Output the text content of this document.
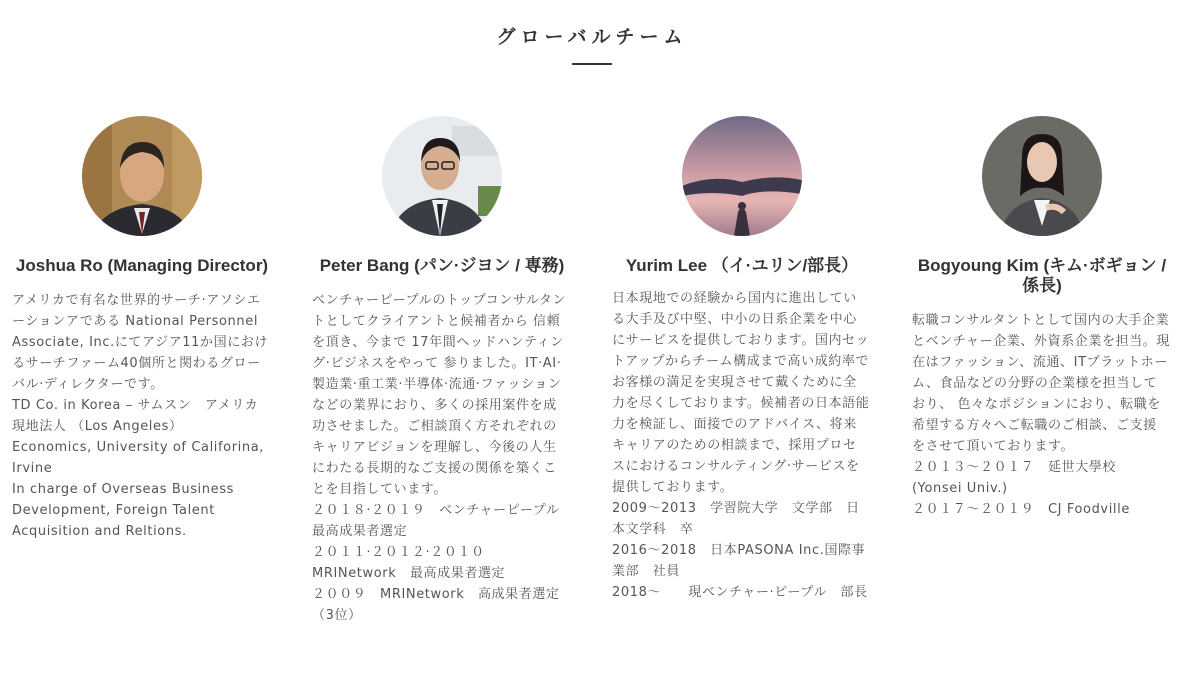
グローバルチーム
Joshua Ro (Managing Director)
アメリカで有名な世界的サーチ·アソシエーションアである National Personnel Associate, Inc.にてアジア11か国におけるサーチファーム40個所と関わるグローバル·ディレクターです。
TD Co. in Korea – サムスン　アメリカ現地法人 （Los Angeles）
Economics, University of Califorina, Irvine
In charge of Overseas Business Development, Foreign Talent Acquisition and Reltions.
Peter Bang (パン·ジヨン / 専務)
ベンチャーピープルのトップコンサルタントとしてクライアントと候補者から 信頼を頂き、今まで 17年間ヘッドハンティング·ビジネスをやって 参りました。IT·AI·製造業·重工業·半導体·流通·ファッションなどの業界におり、多くの採用案件を成功させました。ご相談頂く方それぞれのキャリアビジョンを理解し、今後の人生にわたる長期的なご支援の関係を築くことを目指しています。
２０１８·２０１９　ベンチャーピープル　最高成果者選定
２０１１·２０１２·２０１０ MRINetwork　最高成果者選定
２００９　MRINetwork　高成果者選定（3位）
Yurim Lee （イ·ユリン/部長）
日本現地での経験から国内に進出している大手及び中堅、中小の日系企業を中心にサービスを提供しております。国内セットアップからチーム構成まで高い成約率でお客様の満足を実現させて戴くために全力を尽くしております。候補者の日本語能力を検証し、面接でのアドバイス、将来キャリアのための相談まで、採用プロセスにおけるコンサルティング·サービスを提供しております。
2009～2013　学習院大学　文学部　日本文学科　卒
2016～2018　日本PASONA Inc.国際事業部　社員
2018～　　現ベンチャー·ピープル　部長
Bogyoung Kim (キム·ボギョン / 係長)
転職コンサルタントとして国内の大手企業とベンチャー企業、外資系企業を担当。現在はファッション、流通、ITプラットホーム、食品などの分野の企業様を担当しており、 色々なポジションにおり、転職を希望する方々へご転職のご相談、ご支援をさせて頂いております。
２０１３～２０１７　延世大學校 (Yonsei Univ.)
２０１７～２０１９　CJ Foodville
